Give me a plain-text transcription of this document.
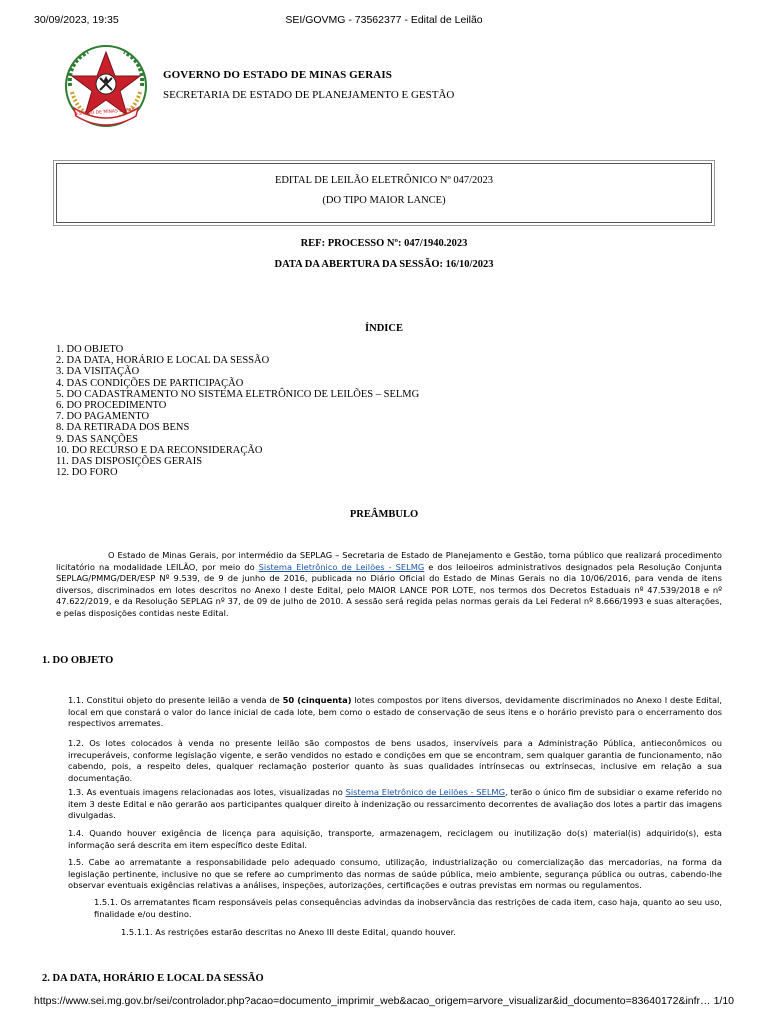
30/09/2023, 19:35	SEI/GOVMG - 73562377 - Edital de Leilão
ESTADO DE MINAS GERAIS
GOVERNO DO ESTADO DE MINAS GERAIS
SECRETARIA DE ESTADO DE PLANEJAMENTO E GESTÃO
EDITAL DE LEILÃO ELETRÔNICO Nº 047/2023
(DO TIPO MAIOR LANCE)
REF: PROCESSO Nº: 047/1940.2023
DATA DA ABERTURA DA SESSÃO: 16/10/2023
ÍNDICE
1. DO OBJETO
2. DA DATA, HORÁRIO E LOCAL DA SESSÃO
3. DA VISITAÇÃO
4. DAS CONDIÇÕES DE PARTICIPAÇÃO
5. DO CADASTRAMENTO NO SISTEMA ELETRÔNICO DE LEILÕES – SELMG
6. DO PROCEDIMENTO
7. DO PAGAMENTO
8. DA RETIRADA DOS BENS
9. DAS SANÇÕES
10. DO RECURSO E DA RECONSIDERAÇÃO
11. DAS DISPOSIÇÕES GERAIS
12. DO FORO
PREÂMBULO
O Estado de Minas Gerais, por intermédio da SEPLAG – Secretaria de Estado de Planejamento e Gestão, torna público que realizará procedimento licitatório na modalidade LEILÃO, por meio do Sistema Eletrônico de Leilões - SELMG e dos leiloeiros administrativos designados pela Resolução Conjunta SEPLAG/PMMG/DER/ESP Nº 9.539, de 9 de junho de 2016, publicada no Diário Oficial do Estado de Minas Gerais no dia 10/06/2016, para venda de itens diversos, discriminados em lotes descritos no Anexo I deste Edital, pelo MAIOR LANCE POR LOTE, nos termos dos Decretos Estaduais nº 47.539/2018 e nº 47.622/2019, e da Resolução SEPLAG nº 37, de 09 de julho de 2010. A sessão será regida pelas normas gerais da Lei Federal nº 8.666/1993 e suas alterações, e pelas disposições contidas neste Edital.
1. DO OBJETO
1.1. Constitui objeto do presente leilão a venda de 50 (cinquenta) lotes compostos por itens diversos, devidamente discriminados no Anexo I deste Edital, local em que constará o valor do lance inicial de cada lote, bem como o estado de conservação de seus itens e o horário previsto para o encerramento dos respectivos arremates.
1.2. Os lotes colocados à venda no presente leilão são compostos de bens usados, inservíveis para a Administração Pública, antieconômicos ou irrecuperáveis, conforme legislação vigente, e serão vendidos no estado e condições em que se encontram, sem qualquer garantia de funcionamento, não cabendo, pois, a respeito deles, qualquer reclamação posterior quanto às suas qualidades intrínsecas ou extrínsecas, inclusive em relação a sua documentação.
1.3. As eventuais imagens relacionadas aos lotes, visualizadas no Sistema Eletrônico de Leilões - SELMG, terão o único fim de subsidiar o exame referido no item 3 deste Edital e não gerarão aos participantes qualquer direito à indenização ou ressarcimento decorrentes de avaliação dos lotes a partir das imagens divulgadas.
1.4. Quando houver exigência de licença para aquisição, transporte, armazenagem, reciclagem ou inutilização do(s) material(is) adquirido(s), esta informação será descrita em item específico deste Edital.
1.5. Cabe ao arrematante a responsabilidade pelo adequado consumo, utilização, industrialização ou comercialização das mercadorias, na forma da legislação pertinente, inclusive no que se refere ao cumprimento das normas de saúde pública, meio ambiente, segurança pública ou outras, cabendo-lhe observar eventuais exigências relativas a análises, inspeções, autorizações, certificações e outras previstas em normas ou regulamentos.
1.5.1. Os arrematantes ficam responsáveis pelas consequências advindas da inobservância das restrições de cada item, caso haja, quanto ao seu uso, finalidade e/ou destino.
1.5.1.1. As restrições estarão descritas no Anexo III deste Edital, quando houver.
2. DA DATA, HORÁRIO E LOCAL DA SESSÃO
https://www.sei.mg.gov.br/sei/controlador.php?acao=documento_imprimir_web&acao_origem=arvore_visualizar&id_documento=83640172&infr… 1/10
